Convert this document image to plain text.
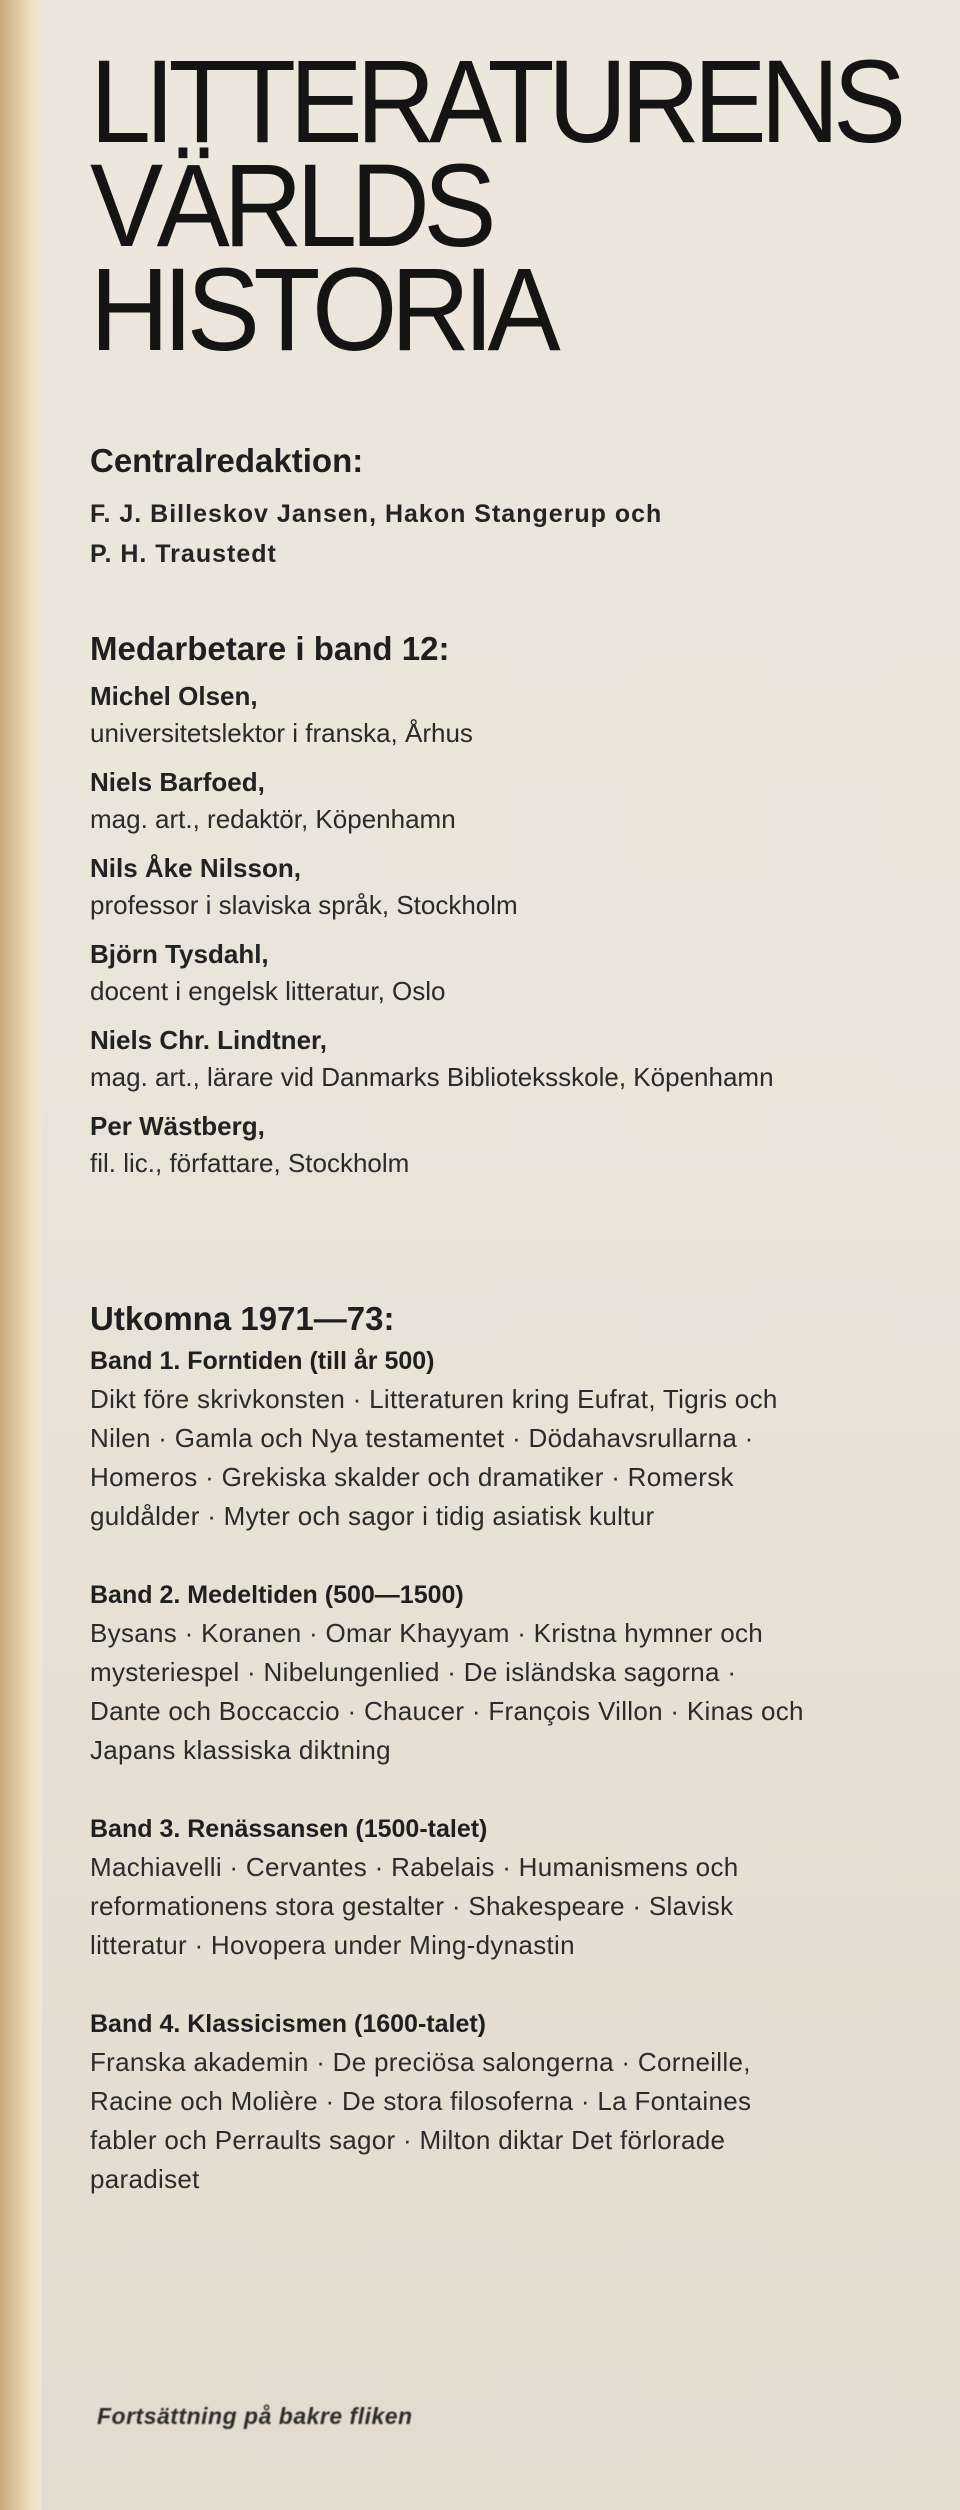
LITTERATURENS
VÄRLDS
HISTORIA
Centralredaktion:
F. J. Billeskov Jansen, Hakon Stangerup och
P. H. Traustedt
Medarbetare i band 12:
Michel Olsen,
universitetslektor i franska, Århus
Niels Barfoed,
mag. art., redaktör, Köpenhamn
Nils Åke Nilsson,
professor i slaviska språk, Stockholm
Björn Tysdahl,
docent i engelsk litteratur, Oslo
Niels Chr. Lindtner,
mag. art., lärare vid Danmarks Biblioteksskole, Köpenhamn
Per Wästberg,
fil. lic., författare, Stockholm
Utkomna 1971—73:
Band 1. Forntiden (till år 500)
Dikt före skrivkonsten · Litteraturen kring Eufrat, Tigris och Nilen · Gamla och Nya testamentet · Dödahavsrullarna · Homeros · Grekiska skalder och dramatiker · Romersk guldålder · Myter och sagor i tidig asiatisk kultur
Band 2. Medeltiden (500—1500)
Bysans · Koranen · Omar Khayyam · Kristna hymner och mysteriespel · Nibelungenlied · De isländska sagorna · Dante och Boccaccio · Chaucer · François Villon · Kinas och Japans klassiska diktning
Band 3. Renässansen (1500-talet)
Machiavelli · Cervantes · Rabelais · Humanismens och reformationens stora gestalter · Shakespeare · Slavisk litteratur · Hovopera under Ming-dynastin
Band 4. Klassicismen (1600-talet)
Franska akademin · De preciösa salongerna · Corneille, Racine och Molière · De stora filosoferna · La Fontaines fabler och Perraults sagor · Milton diktar Det förlorade paradiset
Fortsättning på bakre fliken
